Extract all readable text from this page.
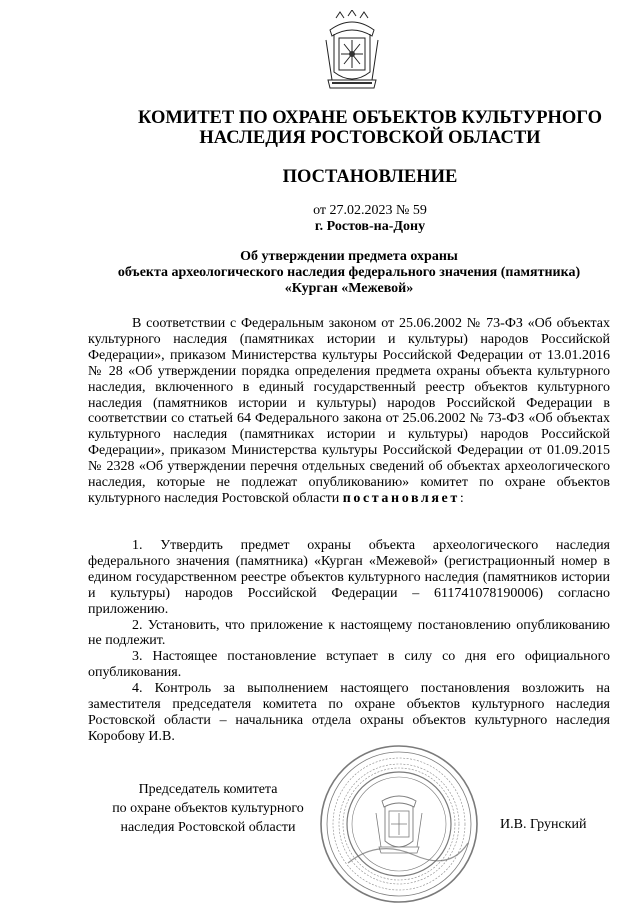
КОМИТЕТ ПО ОХРАНЕ ОБЪЕКТОВ КУЛЬТУРНОГО
НАСЛЕДИЯ РОСТОВСКОЙ ОБЛАСТИ
ПОСТАНОВЛЕНИЕ
от 27.02.2023 № 59
г. Ростов-на-Дону
Об утверждении предмета охраны
объекта археологического наследия федерального значения (памятника)
«Курган «Межевой»

В соответствии с Федеральным законом от 25.06.2002 № 73-ФЗ «Об объектах культурного наследия (памятниках истории и культуры) народов Российской Федерации», приказом Министерства культуры Российской Федерации от 13.01.2016 № 28 «Об утверждении порядка определения предмета охраны объекта культурного наследия, включенного в единый государственный реестр объектов культурного наследия (памятников истории и культуры) народов Российской Федерации в соответствии со статьей 64 Федерального закона от 25.06.2002 № 73-ФЗ «Об объектах культурного наследия (памятниках истории и культуры) народов Российской Федерации», приказом Министерства культуры Российской Федерации от 01.09.2015 № 2328 «Об утверждении перечня отдельных сведений об объектах археологического наследия, которые не подлежат опубликованию» комитет по охране объектов культурного наследия Ростовской области постановляет:

1. Утвердить предмет охраны объекта археологического наследия федерального значения (памятника) «Курган «Межевой» (регистрационный номер в едином государственном реестре объектов культурного наследия (памятников истории и культуры) народов Российской Федерации – 611741078190006) согласно приложению.

2. Установить, что приложение к настоящему постановлению опубликованию не подлежит.

3. Настоящее постановление вступает в силу со дня его официального опубликования.

4. Контроль за выполнением настоящего постановления возложить на заместителя председателя комитета по охране объектов культурного наследия Ростовской области – начальника отдела охраны объектов культурного наследия Коробову И.В.

Председатель комитета
по охране объектов культурного
наследия Ростовской области	И.В. Грунский
